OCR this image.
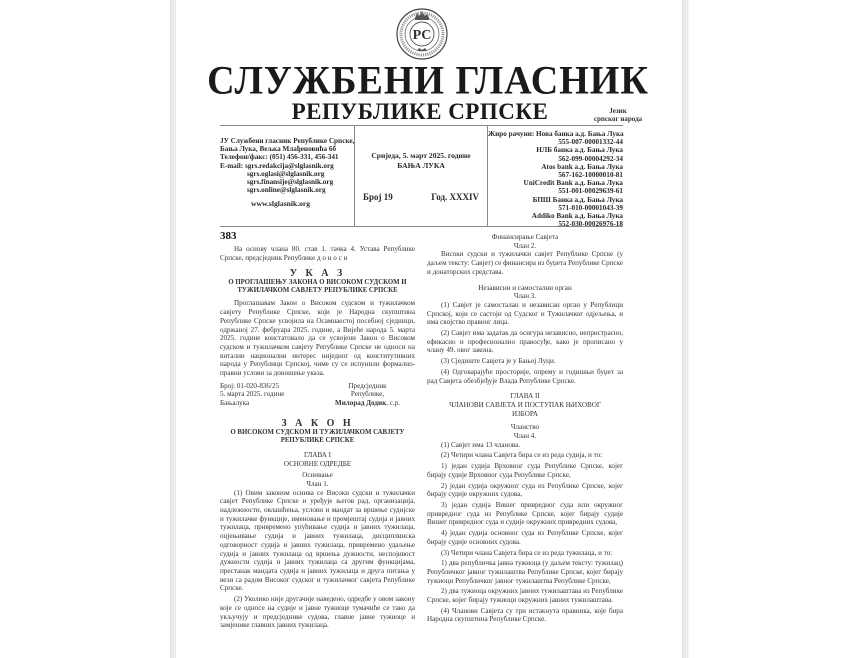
РС
СЛУЖБЕНИ ГЛАСНИК
РЕПУБЛИКЕ СРПСКЕ	Језик
српског народа
ЈУ Службени гласник Републике Српске,
Бања Лука, Вељка Млађеновића 6б
Телефон/факс: (051) 456-331, 456-341
E-mail: sgrs.redakcija@slglasnik.org
sgrs.oglasi@slglasnik.org
sgrs.finansije@slglasnik.org
sgrs.online@slglasnik.org
www.slglasnik.org
Сриједа, 5. март 2025. године
БАЊА ЛУКА
Број 19	Год. XXXIV
Жиро рачуни: Нова банка а.д. Бања Лука
555-007-00001332-44
НЛБ банка а.д. Бања Лука
562-099-00004292-34
Atos bank а.д. Бања Лука
567-162-10000010-81
UniCredit Bank а.д. Бања Лука
551-001-00029639-61
БПШ Банка а.д. Бања Лука
571-010-00001043-39
Addiko Bank а.д. Бања Лука
552-030-00026976-18
383

На основу члана 80. став 1. тачка 4. Устава Републике Српске, предсједник Републике д о н о с и

У К А З
О ПРОГЛАШЕЊУ ЗАКОНА О ВИСОКОМ СУДСКОМ И ТУЖИЛАЧКОМ САВЈЕТУ РЕПУБЛИКЕ СРПСКЕ

Проглашавам Закон о Високом судском и тужилачком савјету Републике Српске, који је Народна скупштина Републике Српске усвојила на Осамнаестој посебној сједници, одржаној 27. фебруара 2025. године, а Вијеће народа 5. марта 2025. године констатовало да се усвојени Закон о Високом судском и тужилачком савјету Републике Српске не односи на витални национални интерес ниједног од конститутивних народа у Републици Српској, чиме су се испунили формално-правни услови за доношење указа.

Број: 01-020-836/25
5. марта 2025. године
Бањалука
Предсједник
Републике,
Милорад Додик, с.р.
З А К О Н
О ВИСОКОМ СУДСКОМ И ТУЖИЛАЧКОМ САВЈЕТУ РЕПУБЛИКЕ СРПСКЕ
ГЛАВА I
ОСНОВНЕ ОДРЕДБЕ
Оснивање
Члан 1.

(1) Овим законом оснива се Високи судски и тужилачки савјет Републике Српске и уређује његов рад, организација, надлежности, овлашћења, услови и мандат за вршење судијске и тужилачке функције, именовање и премјештај судија и јавних тужилаца, привремено упућивање судија и јавних тужилаца, оцјењивање судија и јавних тужилаца, дисциплинска одговорност судија и јавних тужилаца, привремено удаљење судија и јавних тужилаца од вршења дужности, неспојивост дужности судија и јавних тужилаца са другим функцијама, престанак мандата судија и јавних тужилаца и друга питања у вези са радом Високог судског и тужилачког савјета Републике Српске.

(2) Уколико није другачије наведено, одредбе у овом закону које се односе на судије и јавне тужиоце тумачиће се тако да укључују и предсједнике судова, главне јавне тужиоце и замјенике главних јавних тужилаца.

Финансирање Савјета
Члан 2.

Високи судски и тужилачки савјет Републике Српске (у даљем тексту: Савјет) се финансира из буџета Републике Српске и донаторских средстава.

Независни и самостални орган
Члан 3.

(1) Савјет је самосталан и независан орган у Републици Српској, који се састоји од Судског и Тужилачког одјељења, и има својство правног лица.

(2) Савјет има задатак да осигура независно, непристрасно, ефикасно и професионално правосуђе, како је прописано у члану 49. овог закона.

(3) Сједиште Савјета је у Бањој Луци.

(4) Одговарајуће просторије, опрему и годишњи буџет за рад Савјета обезбјеђује Влада Републике Српске.

ГЛАВА II
ЧЛАНОВИ САВЈЕТА И ПОСТУПАК ЊИХОВОГ ИЗБОРА
Чланство
Члан 4.

(1) Савјет има 13 чланова.

(2) Четири члана Савјета бира се из реда судија, и то:

1) један судија Врховног суда Републике Српске, којег бирају судије Врховног суда Републике Српске,

2) један судија окружног суда из Републике Српске, којег бирају судије окружних судова,

3) један судија Вишег привредног суда или окружног привредног суда из Републике Српске, којег бирају судије Вишег привредног суда и судије окружних привредних судова,

4) један судија основног суда из Републике Српске, којег бирају судије основних судова.

(3) Четири члана Савјета бира се из реда тужилаца, и то:

1) два републичка јавна тужиоца (у даљем тексту: тужилац) Републичког јавног тужилаштва Републике Српске, којег бирају тужиоци Републичког јавног тужилаштва Републике Српске,

2) два тужиоца окружних јавних тужилаштава из Републике Српске, којег бирају тужиоци окружних јавних тужилаштава.

(4) Чланови Савјета су три истакнута правника, које бира Народна скупштина Републике Српске.
